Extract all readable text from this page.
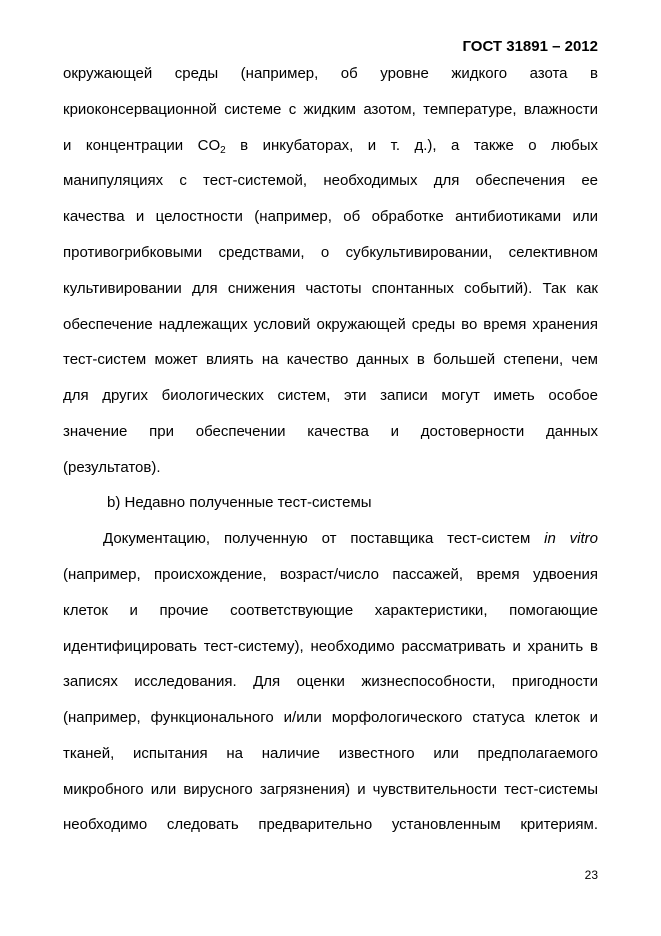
ГОСТ 31891 – 2012
окружающей среды (например, об уровне жидкого азота в
криоконсервационной системе с жидким азотом, температуре, влажности
и концентрации $CO_2$ в инкубаторах, и т. д.), а также о любых
манипуляциях с тест-системой, необходимых для обеспечения ее
качества и целостности (например, об обработке антибиотиками или
противогрибковыми средствами, о субкультивировании, селективном
культивировании для снижения частоты спонтанных событий). Так как
обеспечение надлежащих условий окружающей среды во время хранения
тест-систем может влиять на качество данных в большей степени, чем
для других биологических систем, эти записи могут иметь особое
значение при обеспечении качества и достоверности данных
(результатов).
b) Недавно полученные тест-системы
Документацию, полученную от поставщика тест-систем in vitro
(например, происхождение, возраст/число пассажей, время удвоения
клеток и прочие соответствующие характеристики, помогающие
идентифицировать тест-систему), необходимо рассматривать и хранить в
записях исследования. Для оценки жизнеспособности, пригодности
(например, функционального и/или морфологического статуса клеток и
тканей, испытания на наличие известного или предполагаемого
микробного или вирусного загрязнения) и чувствительности тест-системы
необходимо следовать предварительно установленным критериям.
23
